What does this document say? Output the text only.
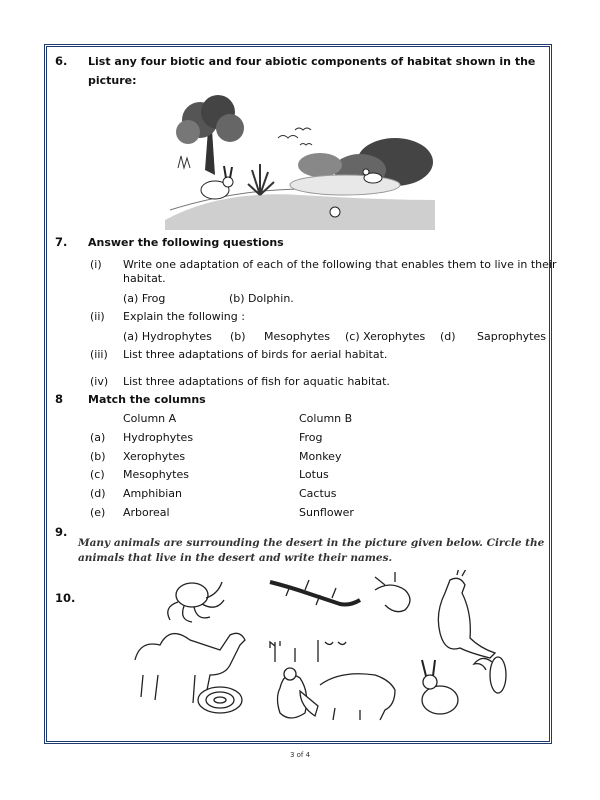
6. List any four biotic and four abiotic components of habitat shown in the
picture:
7. Answer the following questions
(i) Write one adaptation of each of the following that enables them to live in their
habitat.
(a) Frog	(b) Dolphin.
(ii) Explain the following :
(a) Hydrophytes (b) Mesophytes (c) Xerophytes (d) Saprophytes
(iii) List three adaptations of birds for aerial habitat.
(iv) List three adaptations of fish for aquatic habitat.
8 Match the columns
Column A	Column B
(a) Hydrophytes	Frog
(b) Xerophytes	Monkey
(c) Mesophytes	Lotus
(d) Amphibian	Cactus
(e) Arboreal	Sunflower
9.
Many animals are surrounding the desert in the picture given below. Circle the
animals that live in the desert and write their names.
10.
3 of 4
